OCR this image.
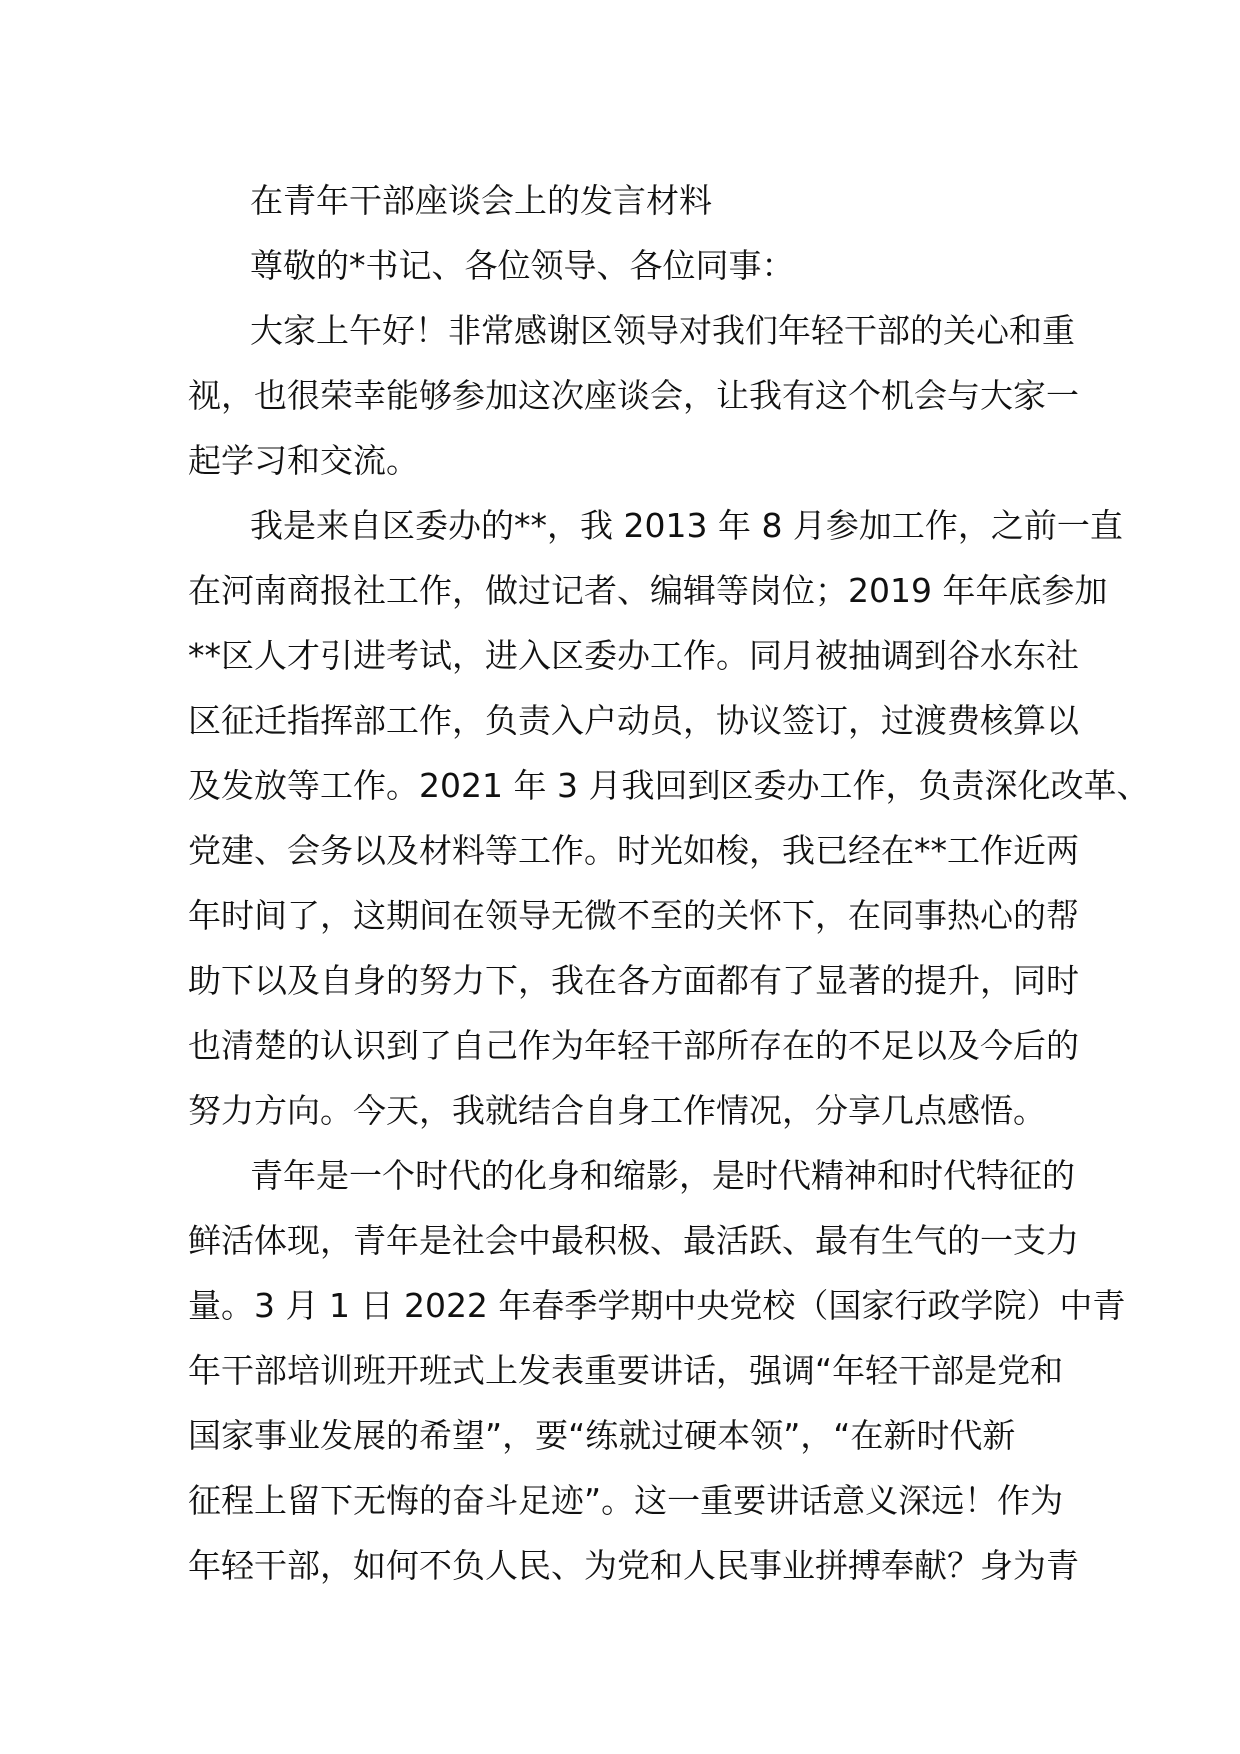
在青年干部座谈会上的发言材料
尊敬的*书记、各位领导、各位同事：
大家上午好！非常感谢区领导对我们年轻干部的关心和重
视，也很荣幸能够参加这次座谈会，让我有这个机会与大家一
起学习和交流。
我是来自区委办的**，我 2013 年 8 月参加工作，之前一直
在河南商报社工作，做过记者、编辑等岗位；2019 年年底参加
**区人才引进考试，进入区委办工作。同月被抽调到谷水东社
区征迁指挥部工作，负责入户动员，协议签订，过渡费核算以
及发放等工作。2021 年 3 月我回到区委办工作，负责深化改革、
党建、会务以及材料等工作。时光如梭，我已经在**工作近两
年时间了，这期间在领导无微不至的关怀下，在同事热心的帮
助下以及自身的努力下，我在各方面都有了显著的提升，同时
也清楚的认识到了自己作为年轻干部所存在的不足以及今后的
努力方向。今天，我就结合自身工作情况，分享几点感悟。
青年是一个时代的化身和缩影，是时代精神和时代特征的
鲜活体现，青年是社会中最积极、最活跃、最有生气的一支力
量。3 月 1 日 2022 年春季学期中央党校（国家行政学院）中青
年干部培训班开班式上发表重要讲话，强调“年轻干部是党和
国家事业发展的希望”，要“练就过硬本领”，“在新时代新
征程上留下无悔的奋斗足迹”。这一重要讲话意义深远！作为
年轻干部，如何不负人民、为党和人民事业拼搏奉献？身为青
